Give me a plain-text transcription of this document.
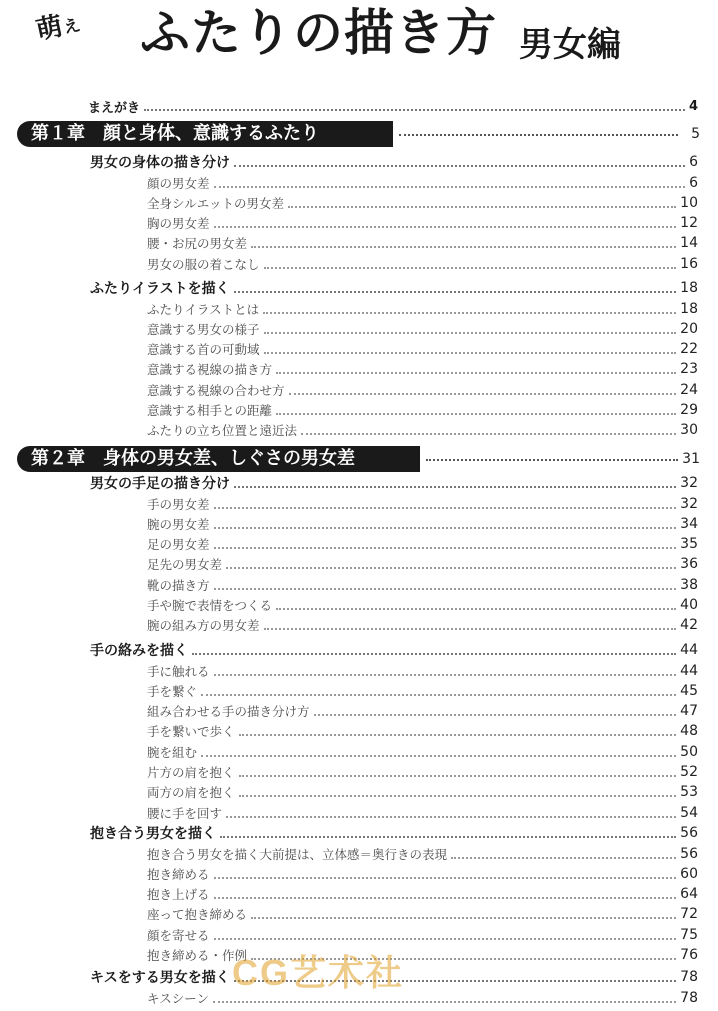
萌え ふたりの描き方 男女編
まえがき	4
第１章　顔と身体、意識するふたり	5
男女の身体の描き分け	6
顔の男女差	6
全身シルエットの男女差	10
胸の男女差	12
腰・お尻の男女差	14
男女の服の着こなし	16
ふたりイラストを描く	18
ふたりイラストとは	18
意識する男女の様子	20
意識する首の可動域	22
意識する視線の描き方	23
意識する視線の合わせ方	24
意識する相手との距離	29
ふたりの立ち位置と遠近法	30
第２章　身体の男女差、しぐさの男女差	31
男女の手足の描き分け	32
手の男女差	32
腕の男女差	34
足の男女差	35
足先の男女差	36
靴の描き方	38
手や腕で表情をつくる	40
腕の組み方の男女差	42
手の絡みを描く	44
手に触れる	44
手を繋ぐ	45
組み合わせる手の描き分け方	47
手を繋いで歩く	48
腕を組む	50
片方の肩を抱く	52
両方の肩を抱く	53
腰に手を回す	54
抱き合う男女を描く	56
抱き合う男女を描く大前提は、立体感＝奥行きの表現	56
抱き締める	60
抱き上げる	64
座って抱き締める	72
顔を寄せる	75
抱き締める・作例	76
キスをする男女を描く	78
キスシーン	78
CG艺术社
